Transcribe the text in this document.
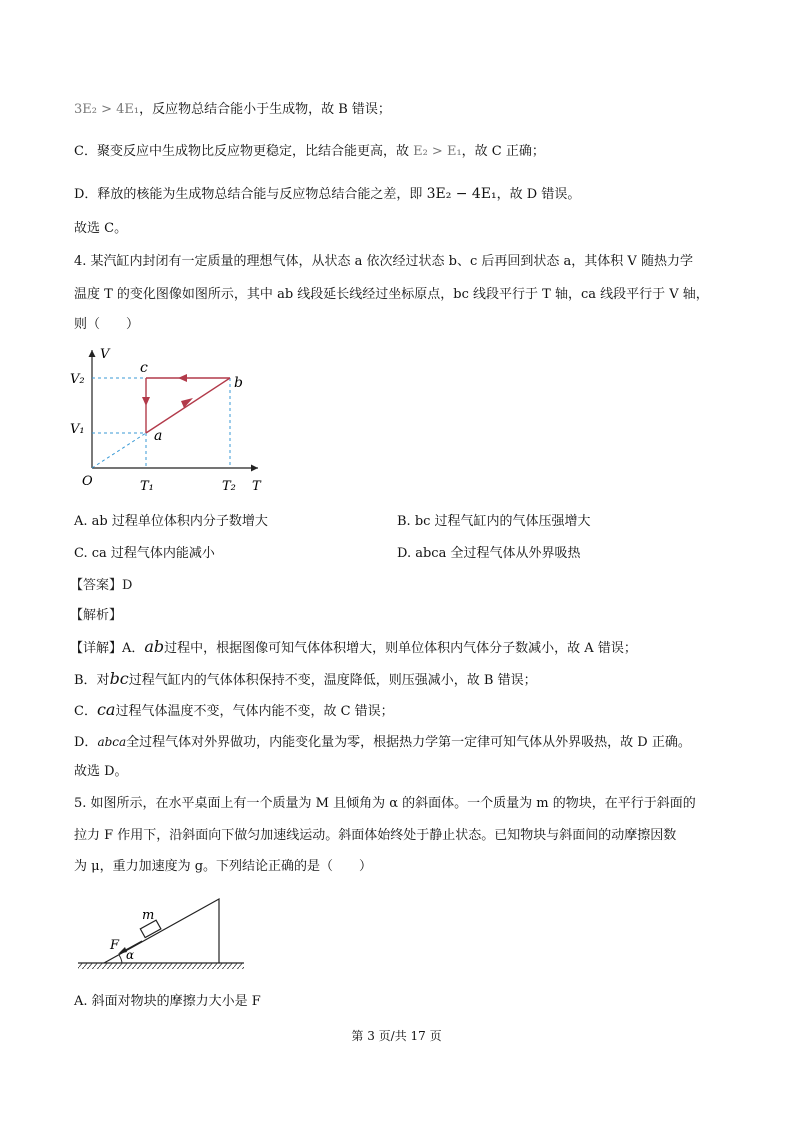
3E₂ > 4E₁，反应物总结合能小于生成物，故 B 错误；
C．聚变反应中生成物比反应物更稳定，比结合能更高，故 E₂ > E₁，故 C 正确；
D．释放的核能为生成物总结合能与反应物总结合能之差，即 3E₂ − 4E₁，故 D 错误。
故选 C。
4. 某汽缸内封闭有一定质量的理想气体，从状态 a 依次经过状态 b、c 后再回到状态 a，其体积 V 随热力学
温度 T 的变化图像如图所示，其中 ab 线段延长线经过坐标原点，bc 线段平行于 T 轴，ca 线段平行于 V 轴，
则（　　）
V
T
O
V₂
V₁
T₁	T₂
a
b
c
A. ab 过程单位体积内分子数增大	B. bc 过程气缸内的气体压强增大
C. ca 过程气体内能减小	D. abca 全过程气体从外界吸热
【答案】D
【解析】
【详解】A．ab过程中，根据图像可知气体体积增大，则单位体积内气体分子数减小，故 A 错误；
B．对bc过程气缸内的气体体积保持不变，温度降低，则压强减小，故 B 错误；
C．ca过程气体温度不变，气体内能不变，故 C 错误；
D．abca全过程气体对外界做功，内能变化量为零，根据热力学第一定律可知气体从外界吸热，故 D 正确。
故选 D。
5. 如图所示，在水平桌面上有一个质量为 M 且倾角为 α 的斜面体。一个质量为 m 的物块，在平行于斜面的
拉力 F 作用下，沿斜面向下做匀加速线运动。斜面体始终处于静止状态。已知物块与斜面间的动摩擦因数
为 μ，重力加速度为 g。下列结论正确的是（　　）
m
F
α
A. 斜面对物块的摩擦力大小是 F
第 3 页/共 17 页
